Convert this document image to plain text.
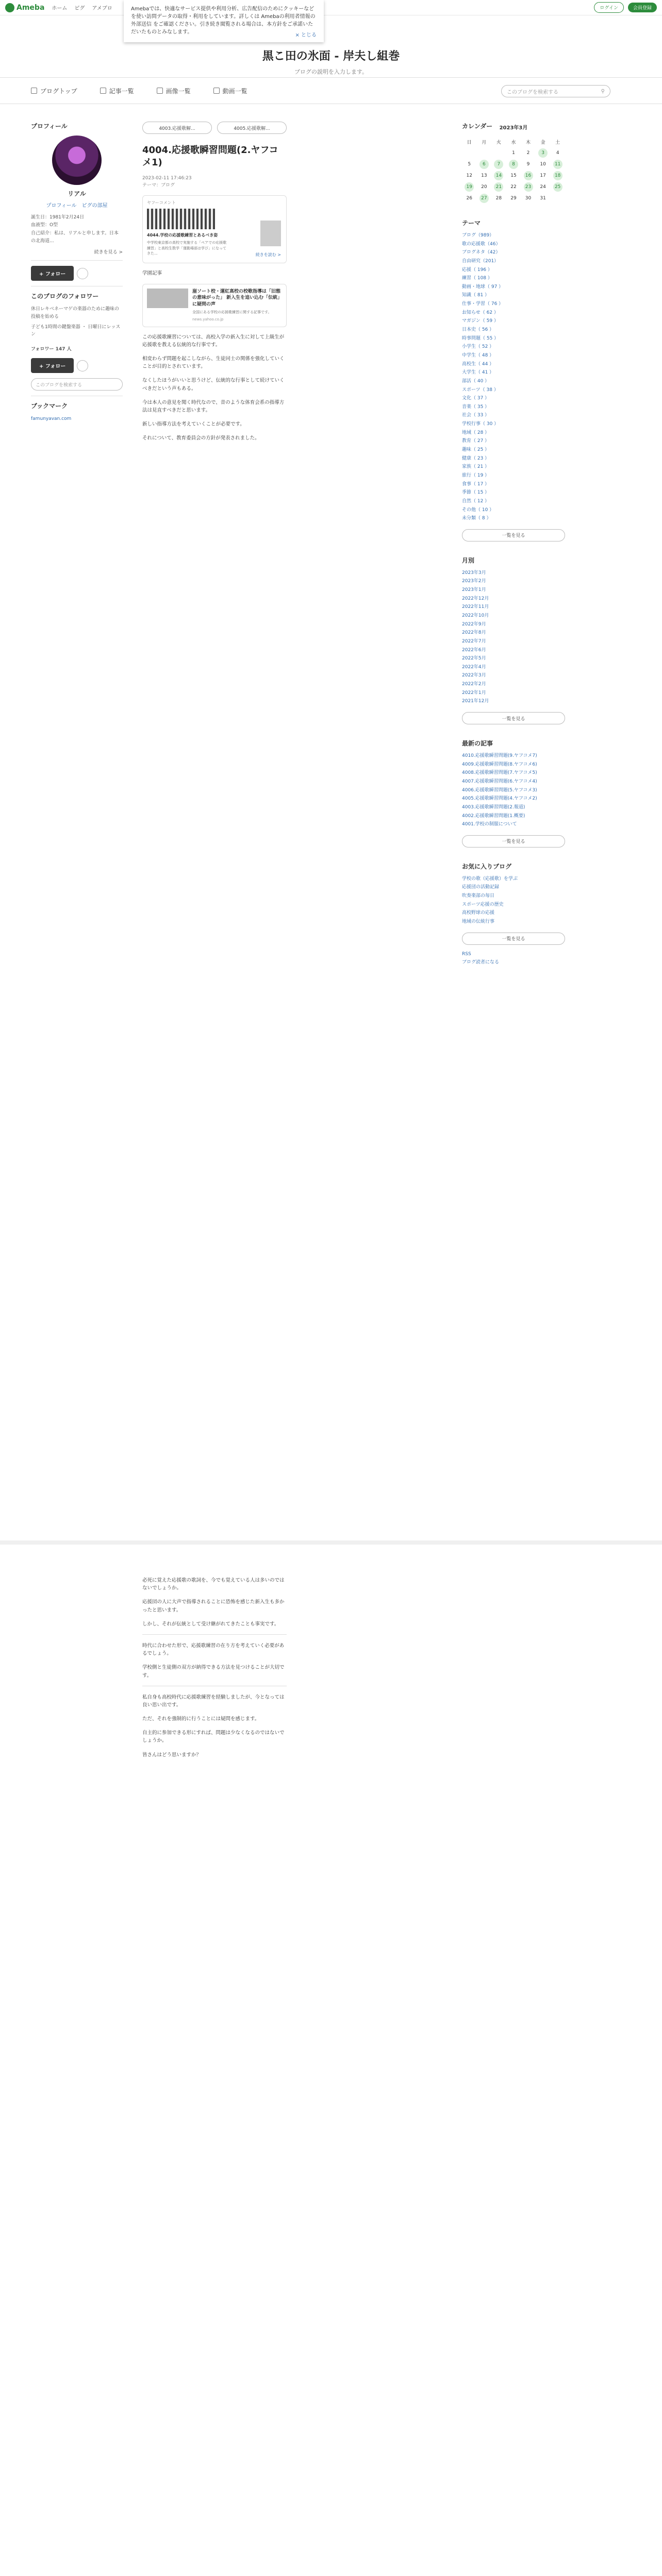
Ameba ホーム ピグ アメブロ	ログイン	会員登録
Amebaでは、快適なサービス提供や利用分析、広告配信のためにクッキーなどを使い訪問データの取得・利用をしています。詳しくは Amebaの利用者情報の外部送信 をご確認ください。引き続き閲覧される場合は、本方針をご承諾いただいたものとみなします。
× とじる
黒こ田の氷面 - 岸夫し組巻
ブログの説明を入力します。
ブログトップ	記事一覧	画像一覧	動画一覧	このブログを検索する	⚲
プロフィール
リアル
プロフィール　ピグの部屋
誕生日：1981年2月24日
血液型：O型
自己紹介：私は、リアルと申します。日本の北海道...
続きを見る >
+ フォロー
このブログのフォロワー
休日レキベネーマゲの楽器のために趣味の投稿を始める
子ども1時間の鍵盤楽器 ・ 日曜日にレッスン
フォロワー 147 人
+ フォロー
このブログを検索する
ブックマーク
famunyavan.com
4003.応援歌解...	4005.応援歌解...
4004.応援歌瞬習問題(2.ヤフコメ1)
2023-02-11 17:46:23
テーマ：ブログ
ヤフーコメント
4044.学校の応援歌練習とあるべき姿
中学校東京都の高校で実施する「ペアでの応援歌練習」と高校生数学「運動場部は学び」になってきた...	続きを読む >

学園記事

崖ソート校・運紅高校の校歌指導は「旧態の意味がった」 新入生を追い込む「伝統」に疑問の声
全国にある学校の応援歌練習に関する記事です。
news.yahoo.co.jp

この応援歌練習については、高校入学の新入生に対して上級生が応援歌を教える伝統的な行事です。

相変わらず問題を起こしながら、生徒同士の関係を強化していくことが目的とされています。

なくしたほうがいいと思うけど、伝統的な行事として続けていくべきだという声もある。

今は本人の意見を聞く時代なので、昔のような体育会系の指導方法は見直すべきだと思います。

新しい指導方法を考えていくことが必要です。

それについて、教育委員会の方針が発表されました。

必死に覚えた応援歌の歌詞を、今でも覚えている人は多いのではないでしょうか。

応援団の人に大声で指導されることに恐怖を感じた新入生も多かったと思います。

しかし、それが伝統として受け継がれてきたことも事実です。

時代に合わせた形で、応援歌練習の在り方を考えていく必要があるでしょう。

学校側と生徒側の双方が納得できる方法を見つけることが大切です。

私自身も高校時代に応援歌練習を経験しましたが、今となっては良い思い出です。

ただ、それを強制的に行うことには疑問を感じます。

自主的に参加できる形にすれば、問題は少なくなるのではないでしょうか。

皆さんはどう思いますか？

カレンダー	2023年3月
日	月	火	水	木	金	土
			1	2	3	4
5	6	7	8	9	10	11
12	13	14	15	16	17	18
19	20	21	22	23	24	25
26	27	28	29	30	31	
テーマ
ブログ（989）
歌の応援歌（46）
ブログネタ（42）
自由研究（201）
応援（ 196 ）
練習（ 108 ）
動画・地球（ 97 ）
知識（ 81 ）
仕事・学習（ 76 ）
お知らせ（ 62 ）
マガジン（ 59 ）
日本史（ 56 ）
時事問題（ 55 ）
小学生（ 52 ）
中学生（ 48 ）
高校生（ 44 ）
大学生（ 41 ）
部活（ 40 ）
スポーツ（ 38 ）
文化（ 37 ）
音楽（ 35 ）
社会（ 33 ）
学校行事（ 30 ）
地域（ 28 ）
教育（ 27 ）
趣味（ 25 ）
健康（ 23 ）
家族（ 21 ）
旅行（ 19 ）
食事（ 17 ）
季節（ 15 ）
自然（ 12 ）
その他（ 10 ）
未分類（ 8 ）
一覧を見る
月別
2023年3月
2023年2月
2023年1月
2022年12月
2022年11月
2022年10月
2022年9月
2022年8月
2022年7月
2022年6月
2022年5月
2022年4月
2022年3月
2022年2月
2022年1月
2021年12月
一覧を見る
最新の記事
4010.応援歌瞬習問題(9.ヤフコメ7)
4009.応援歌瞬習問題(8.ヤフコメ6)
4008.応援歌瞬習問題(7.ヤフコメ5)
4007.応援歌瞬習問題(6.ヤフコメ4)
4006.応援歌瞬習問題(5.ヤフコメ3)
4005.応援歌瞬習問題(4.ヤフコメ2)
4003.応援歌瞬習問題(2.報道)
4002.応援歌瞬習問題(1.概要)
4001.学校の制服について
一覧を見る
お気に入りブログ
学校の歌（応援歌）を学ぶ
応援団の活動記録
吹奏楽部の毎日
スポーツ応援の歴史
高校野球の応援
地域の伝統行事
一覧を見る
RSS
ブログ読者になる
